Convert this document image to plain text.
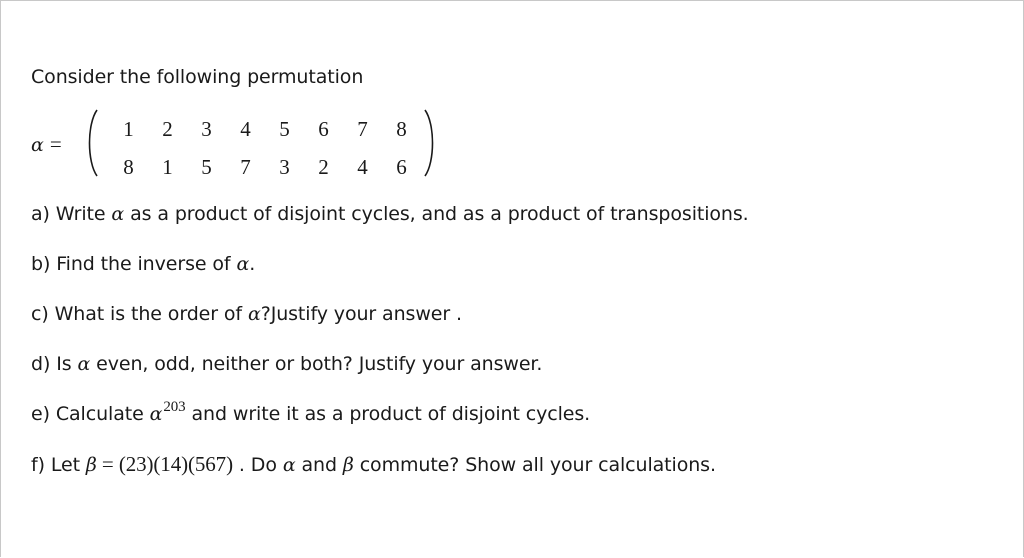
Consider the following permutation
α =
1	2	3	4	5	6	7	8
8	1	5	7	3	2	4	6
a) Write α as a product of disjoint cycles, and as a product of transpositions.
b) Find the inverse of α.
c) What is the order of α?Justify your answer .
d) Is α even, odd, neither or both? Justify your answer.
e) Calculate $\alpha^{203}$ and write it as a product of disjoint cycles.
f) Let β = (23)(14)(567) . Do α and β commute? Show all your calculations.
